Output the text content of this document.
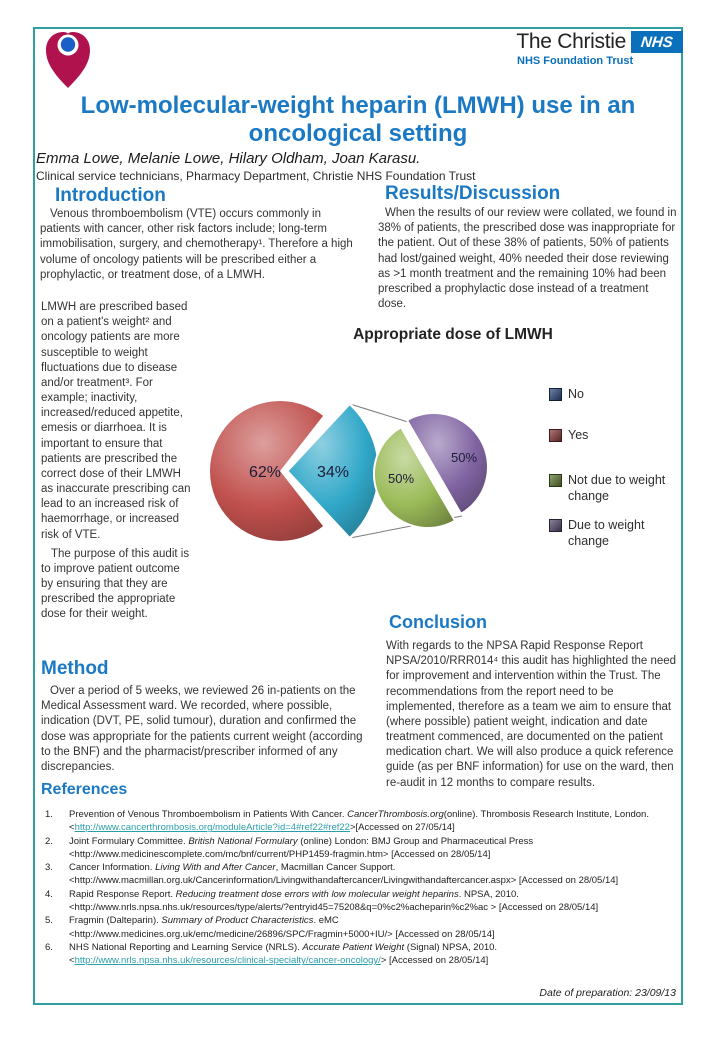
The Christie NHS
NHS Foundation Trust
Low-molecular-weight heparin (LMWH) use in an
oncological setting
Emma Lowe, Melanie Lowe, Hilary Oldham, Joan Karasu.
Clinical service technicians, Pharmacy Department, Christie NHS Foundation Trust
Introduction
Venous thromboembolism (VTE) occurs commonly in patients with cancer, other risk factors include; long-term immobilisation, surgery, and chemotherapy¹. Therefore a high volume of oncology patients will be prescribed either a prophylactic, or treatment dose, of a LMWH.

LMWH are prescribed based on a patient's weight² and oncology patients are more susceptible to weight fluctuations due to disease and/or treatment³. For example; inactivity, increased/reduced appetite, emesis or diarrhoea. It is important to ensure that patients are prescribed the correct dose of their LMWH as inaccurate prescribing can lead to an increased risk of haemorrhage, or increased risk of VTE.

The purpose of this audit is to improve patient outcome by ensuring that they are prescribed the appropriate dose for their weight.

Results/Discussion
When the results of our review were collated, we found in 38% of patients, the prescribed dose was inappropriate for the patient. Out of these 38% of patients, 50% of patients had lost/gained weight, 40% needed their dose reviewing as >1 month treatment and the remaining 10% had been prescribed a prophylactic dose instead of a treatment dose.
Appropriate dose of LMWH
62% 34%	50%
50%
No
Yes
Not due to weight change
Due to weight change
Conclusion
With regards to the NPSA Rapid Response Report NPSA/2010/RRR014⁴ this audit has highlighted the need for improvement and intervention within the Trust. The recommendations from the report need to be implemented, therefore as a team we aim to ensure that (where possible) patient weight, indication and date treatment commenced, are documented on the patient medication chart. We will also produce a quick reference guide (as per BNF information) for use on the ward, then re-audit in 12 months to compare results.
Method
Over a period of 5 weeks, we reviewed 26 in-patients on the Medical Assessment ward. We recorded, where possible, indication (DVT, PE, solid tumour), duration and confirmed the dose was appropriate for the patients current weight (according to the BNF) and the pharmacist/prescriber informed of any discrepancies.
References
1.	Prevention of Venous Thromboembolism in Patients With Cancer. CancerThrombosis.org(online). Thrombosis Research Institute, London. <http://www.cancerthrombosis.org/moduleArticle?id=4#ref22#ref22>[Accessed on 27/05/14]
2.	Joint Formulary Committee. British National Formulary (online) London: BMJ Group and Pharmaceutical Press <http://www.medicinescomplete.com/mc/bnf/current/PHP1459-fragmin.htm> [Accessed on 28/05/14]
3.	Cancer Information. Living With and After Cancer, Macmillan Cancer Support. <http://www.macmillan.org.uk/Cancerinformation/Livingwithandaftercancer/Livingwithandaftercancer.aspx> [Accessed on 28/05/14]
4.	Rapid Response Report. Reducing treatment dose errors with low molecular weight heparins. NPSA, 2010. <http://www.nrls.npsa.nhs.uk/resources/type/alerts/?entryid45=75208&q=0%c2%acheparin%c2%ac > [Accessed on 28/05/14]
5.	Fragmin (Dalteparin). Summary of Product Characteristics. eMC <http://www.medicines.org.uk/emc/medicine/26896/SPC/Fragmin+5000+IU/> [Accessed on 28/05/14]
6.	NHS National Reporting and Learning Service (NRLS). Accurate Patient Weight (Signal) NPSA, 2010. <http://www.nrls.npsa.nhs.uk/resources/clinical-specialty/cancer-oncology/> [Accessed on 28/05/14]
Date of preparation: 23/09/13
